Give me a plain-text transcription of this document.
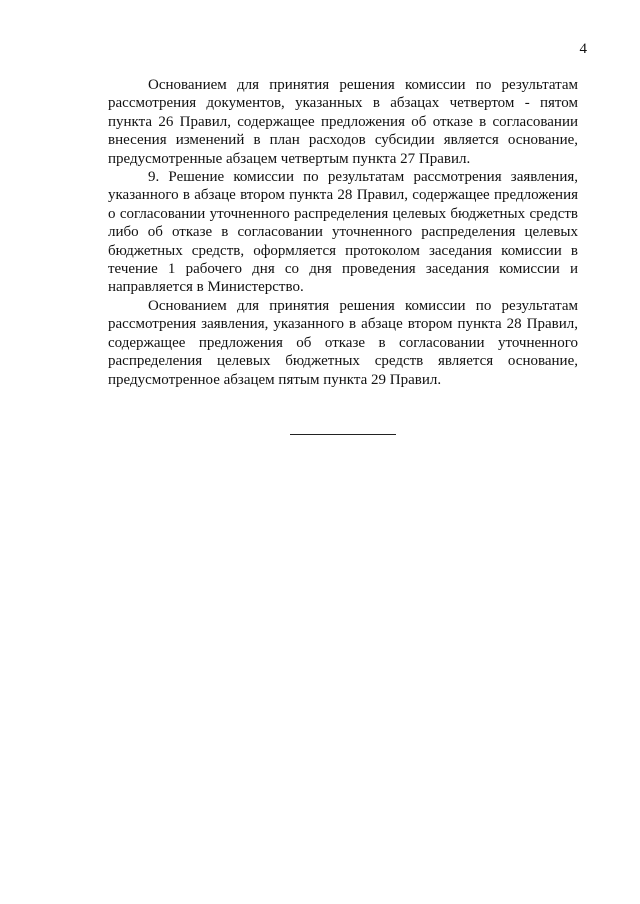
4

Основанием для принятия решения комиссии по результатам рассмотрения документов, указанных в абзацах четвертом - пятом пункта 26 Правил, содержащее предложения об отказе в согласовании внесения изменений в план расходов субсидии является основание, предусмотренные абзацем четвертым пункта 27 Правил.

9. Решение комиссии по результатам рассмотрения заявления, указанного в абзаце втором пункта 28 Правил, содержащее предложения о согласовании уточненного распределения целевых бюджетных средств либо об отказе в согласовании уточненного распределения целевых бюджетных средств, оформляется протоколом заседания комиссии в течение 1 рабочего дня со дня проведения заседания комиссии и направляется в Министерство.

Основанием для принятия решения комиссии по результатам рассмотрения заявления, указанного в абзаце втором пункта 28 Правил, содержащее предложения об отказе в согласовании уточненного распределения целевых бюджетных средств является основание, предусмотренное абзацем пятым пункта 29 Правил.
